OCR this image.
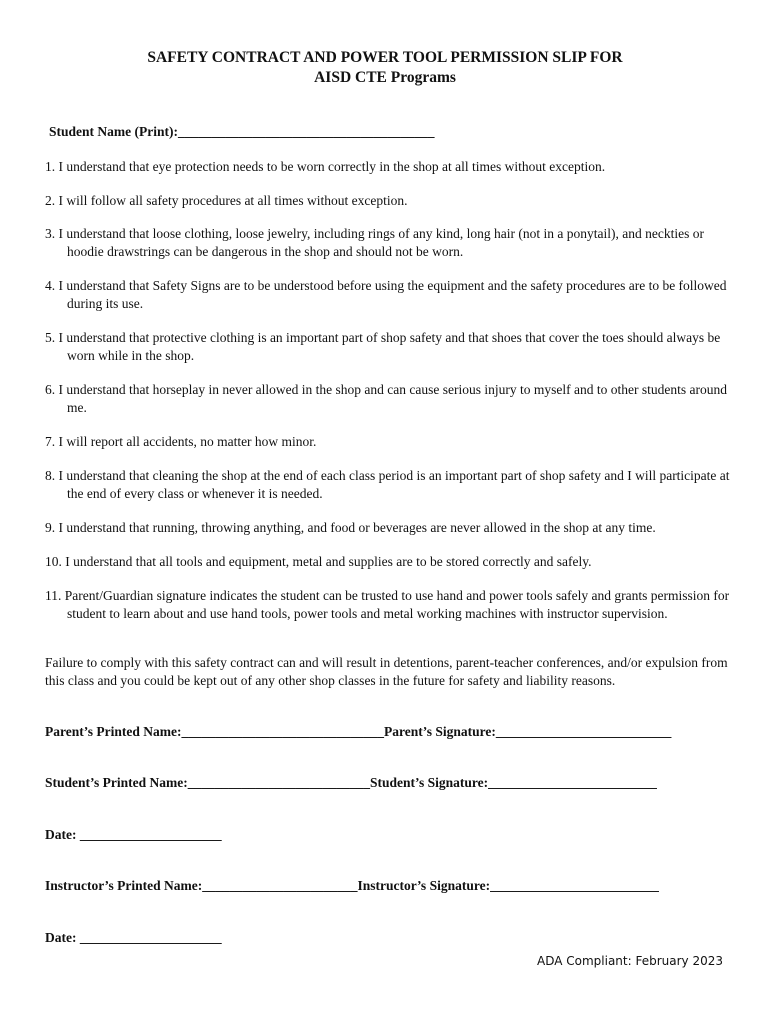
SAFETY CONTRACT AND POWER TOOL PERMISSION SLIP FOR
AISD CTE Programs
Student Name (Print):______________________________________
1. I understand that eye protection needs to be worn correctly in the shop at all times without exception.
2. I will follow all safety procedures at all times without exception.
3. I understand that loose clothing, loose jewelry, including rings of any kind, long hair (not in a ponytail), and neckties or hoodie drawstrings can be dangerous in the shop and should not be worn.
4. I understand that Safety Signs are to be understood before using the equipment and the safety procedures are to be followed during its use.
5. I understand that protective clothing is an important part of shop safety and that shoes that cover the toes should always be worn while in the shop.
6. I understand that horseplay in never allowed in the shop and can cause serious injury to myself and to other students around me.
7. I will report all accidents, no matter how minor.
8. I understand that cleaning the shop at the end of each class period is an important part of shop safety and I will participate at the end of every class or whenever it is needed.
9. I understand that running, throwing anything, and food or beverages are never allowed in the shop at any time.
10. I understand that all tools and equipment, metal and supplies are to be stored correctly and safely.
11. Parent/Guardian signature indicates the student can be trusted to use hand and power tools safely and grants permission for student to learn about and use hand tools, power tools and metal working machines with instructor supervision.
Failure to comply with this safety contract can and will result in detentions, parent-teacher conferences, and/or expulsion from this class and you could be kept out of any other shop classes in the future for safety and liability reasons.
Parent’s Printed Name:______________________________Parent’s Signature:__________________________
Student’s Printed Name:___________________________Student’s Signature:_________________________
Date: _____________________
Instructor’s Printed Name:_______________________Instructor’s Signature:_________________________
Date: _____________________
ADA Compliant: February 2023
